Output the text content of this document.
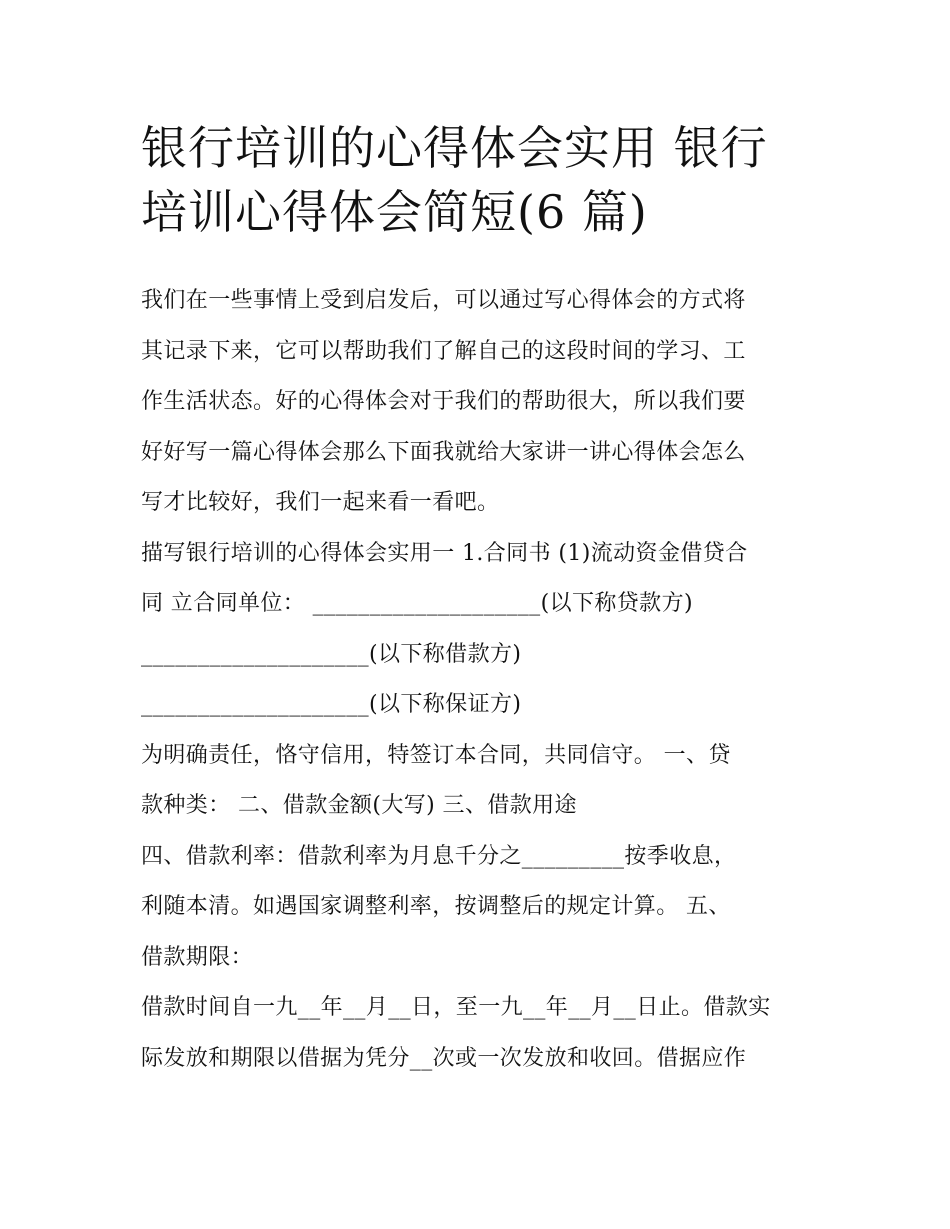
银行培训的心得体会实用 银行
培训心得体会简短(6 篇)
我们在一些事情上受到启发后，可以通过写心得体会的方式将
其记录下来，它可以帮助我们了解自己的这段时间的学习、工
作生活状态。好的心得体会对于我们的帮助很大，所以我们要
好好写一篇心得体会那么下面我就给大家讲一讲心得体会怎么
写才比较好，我们一起来看一看吧。
描写银行培训的心得体会实用一 1.合同书 (1)流动资金借贷合
同 立合同单位： ____________________(以下称贷款方)
____________________(以下称借款方)
____________________(以下称保证方)
为明确责任，恪守信用，特签订本合同，共同信守。 一、贷
款种类： 二、借款金额(大写) 三、借款用途
四、借款利率：借款利率为月息千分之_________按季收息，
利随本清。如遇国家调整利率，按调整后的规定计算。 五、
借款期限：
借款时间自一九__年__月__日，至一九__年__月__日止。借款实
际发放和期限以借据为凭分__次或一次发放和收回。借据应作
